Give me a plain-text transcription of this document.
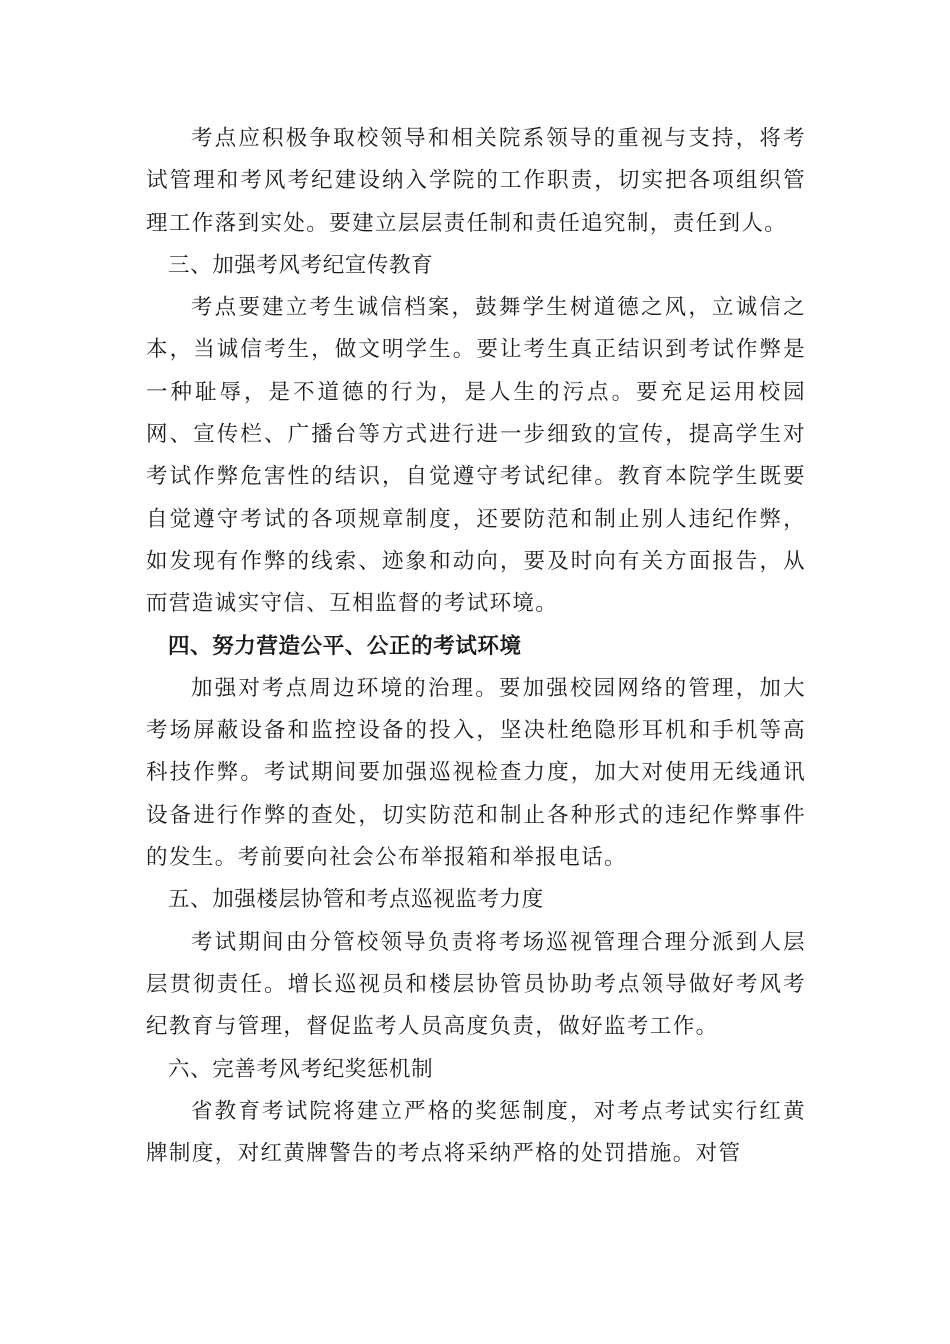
考点应积极争取校领导和相关院系领导的重视与支持，将考试管理和考风考纪建设纳入学院的工作职责，切实把各项组织管理工作落到实处。要建立层层责任制和责任追究制，责任到人。

三、加强考风考纪宣传教育

考点要建立考生诚信档案，鼓舞学生树道德之风，立诚信之本，当诚信考生，做文明学生。要让考生真正结识到考试作弊是一种耻辱，是不道德的行为，是人生的污点。要充足运用校园网、宣传栏、广播台等方式进行进一步细致的宣传，提高学生对考试作弊危害性的结识，自觉遵守考试纪律。教育本院学生既要自觉遵守考试的各项规章制度，还要防范和制止别人违纪作弊，如发现有作弊的线索、迹象和动向，要及时向有关方面报告，从而营造诚实守信、互相监督的考试环境。

四、努力营造公平、公正的考试环境

加强对考点周边环境的治理。要加强校园网络的管理，加大考场屏蔽设备和监控设备的投入，坚决杜绝隐形耳机和手机等高科技作弊。考试期间要加强巡视检查力度，加大对使用无线通讯设备进行作弊的查处，切实防范和制止各种形式的违纪作弊事件的发生。考前要向社会公布举报箱和举报电话。

五、加强楼层协管和考点巡视监考力度

考试期间由分管校领导负责将考场巡视管理合理分派到人层层贯彻责任。增长巡视员和楼层协管员协助考点领导做好考风考纪教育与管理，督促监考人员高度负责，做好监考工作。

六、完善考风考纪奖惩机制

省教育考试院将建立严格的奖惩制度，对考点考试实行红黄牌制度，对红黄牌警告的考点将采纳严格的处罚措施。对管
